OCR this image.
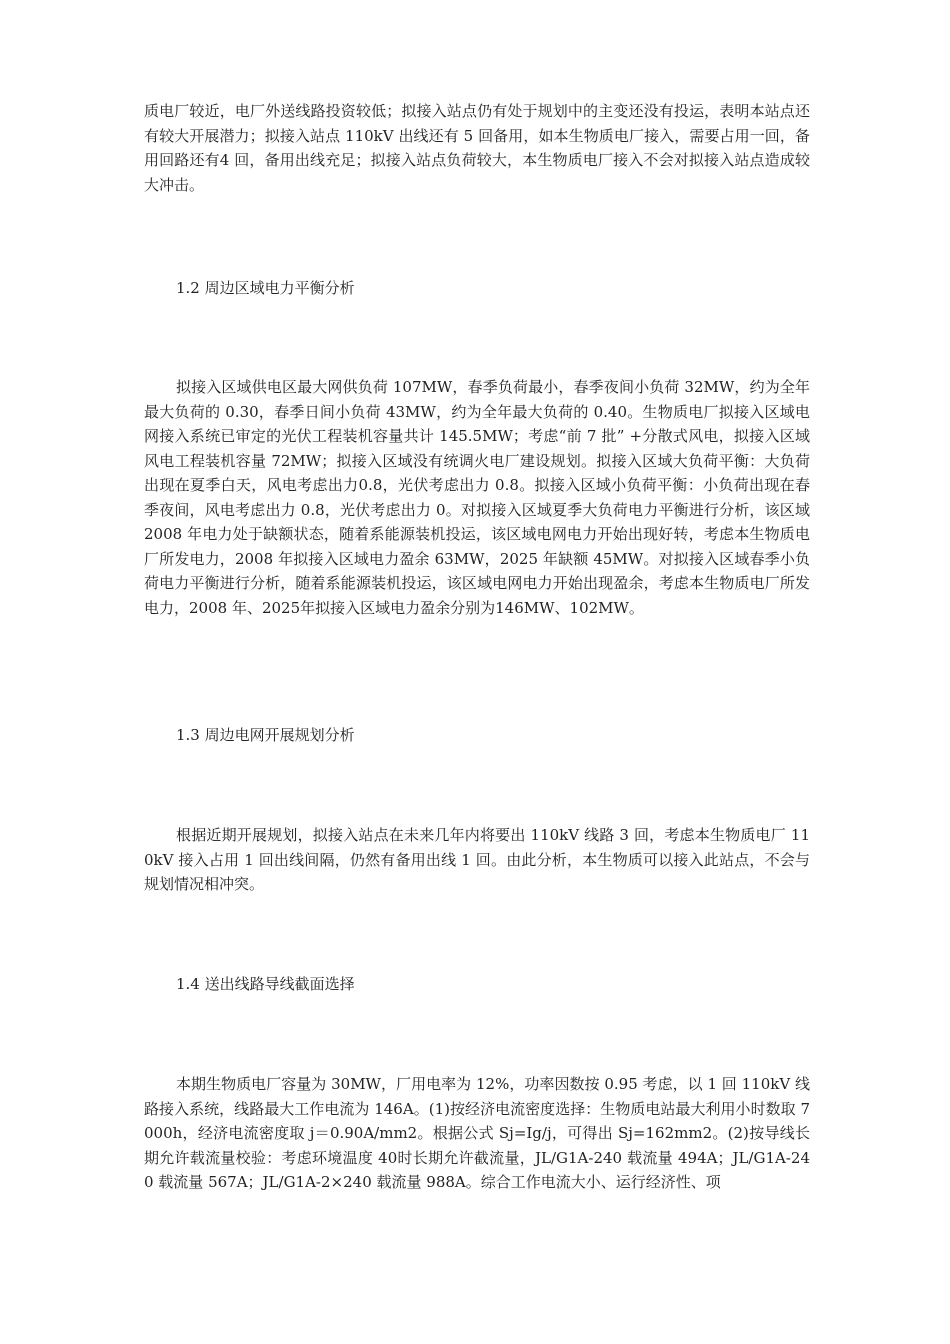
质电厂较近，电厂外送线路投资较低；拟接入站点仍有处于规划中的主变还没有投运，表明本站点还有较大开展潜力；拟接入站点 110kV 出线还有 5 回备用，如本生物质电厂接入，需要占用一回，备用回路还有4 回，备用出线充足；拟接入站点负荷较大，本生物质电厂接入不会对拟接入站点造成较大冲击。

1.2 周边区域电力平衡分析

拟接入区域供电区最大网供负荷 107MW，春季负荷最小，春季夜间小负荷 32MW，约为全年最大负荷的 0.30，春季日间小负荷 43MW，约为全年最大负荷的 0.40。生物质电厂拟接入区域电网接入系统已审定的光伏工程装机容量共计 145.5MW；考虑“前 7 批” +分散式风电，拟接入区域风电工程装机容量 72MW；拟接入区域没有统调火电厂建设规划。拟接入区域大负荷平衡：大负荷出现在夏季白天，风电考虑出力0.8，光伏考虑出力 0.8。拟接入区域小负荷平衡：小负荷出现在春季夜间，风电考虑出力 0.8，光伏考虑出力 0。对拟接入区域夏季大负荷电力平衡进行分析，该区域2008 年电力处于缺额状态，随着系能源装机投运，该区域电网电力开始出现好转，考虑本生物质电厂所发电力，2008 年拟接入区域电力盈余 63MW，2025 年缺额 45MW。对拟接入区域春季小负荷电力平衡进行分析，随着系能源装机投运，该区域电网电力开始出现盈余，考虑本生物质电厂所发电力，2008 年、2025年拟接入区域电力盈余分别为146MW、102MW。

1.3 周边电网开展规划分析

根据近期开展规划，拟接入站点在未来几年内将要出 110kV 线路 3 回，考虑本生物质电厂 110kV 接入占用 1 回出线间隔，仍然有备用出线 1 回。由此分析，本生物质可以接入此站点，不会与规划情况相冲突。

1.4 送出线路导线截面选择

本期生物质电厂容量为 30MW，厂用电率为 12%，功率因数按 0.95 考虑，以 1 回 110kV 线路接入系统，线路最大工作电流为 146A。(1)按经济电流密度选择：生物质电站最大利用小时数取 7000h，经济电流密度取 j＝0.90A/mm2。根据公式 Sj=Ig/j，可得出 Sj=162mm2。(2)按导线长期允许载流量校验：考虑环境温度 40时长期允许截流量，JL/G1A-240 载流量 494A；JL/G1A-240 载流量 567A；JL/G1A-2×240 载流量 988A。综合工作电流大小、运行经济性、项
